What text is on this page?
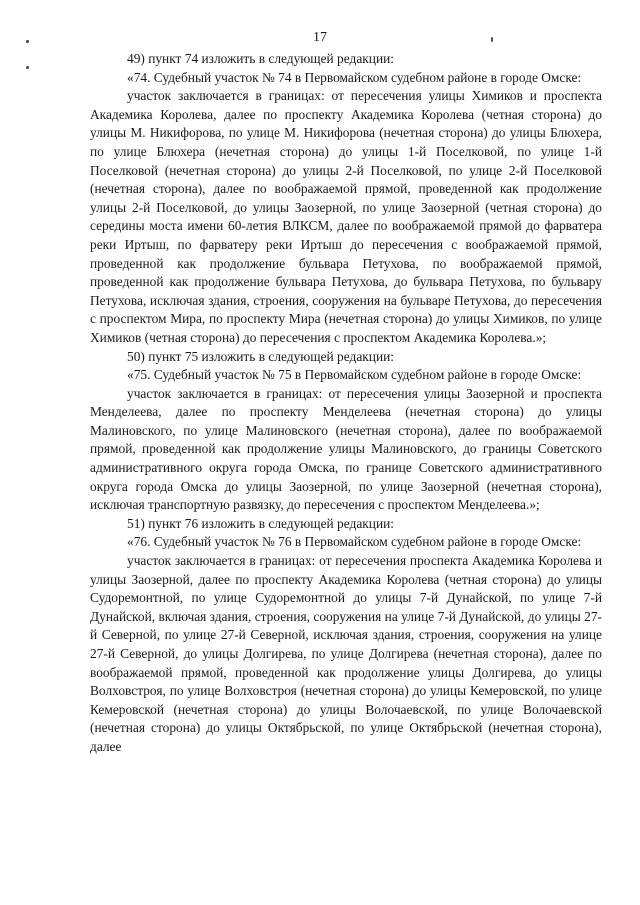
17

49) пункт 74 изложить в следующей редакции:

«74. Судебный участок № 74 в Первомайском судебном районе в городе Омске:

участок заключается в границах: от пересечения улицы Химиков и проспекта Академика Королева, далее по проспекту Академика Королева (четная сторона) до улицы М. Никифорова, по улице М. Никифорова (нечетная сторона) до улицы Блюхера, по улице Блюхера (нечетная сторона) до улицы 1-й Поселковой, по улице 1-й Поселковой (нечетная сторона) до улицы 2-й Поселковой, по улице 2-й Поселковой (нечетная сторона), далее по воображаемой прямой, проведенной как продолжение улицы 2-й Поселковой, до улицы Заозерной, по улице Заозерной (четная сторона) до середины моста имени 60-летия ВЛКСМ, далее по воображаемой прямой до фарватера реки Иртыш, по фарватеру реки Иртыш до пересечения с воображаемой прямой, проведенной как продолжение бульвара Петухова, по воображаемой прямой, проведенной как продолжение бульвара Петухова, до бульвара Петухова, по бульвару Петухова, исключая здания, строения, сооружения на бульваре Петухова, до пересечения с проспектом Мира, по проспекту Мира (нечетная сторона) до улицы Химиков, по улице Химиков (четная сторона) до пересечения с проспектом Академика Королева.»;

50) пункт 75 изложить в следующей редакции:

«75. Судебный участок № 75 в Первомайском судебном районе в городе Омске:

участок заключается в границах: от пересечения улицы Заозерной и проспекта Менделеева, далее по проспекту Менделеева (нечетная сторона) до улицы Малиновского, по улице Малиновского (нечетная сторона), далее по воображаемой прямой, проведенной как продолжение улицы Малиновского, до границы Советского административного округа города Омска, по границе Советского административного округа города Омска до улицы Заозерной, по улице Заозерной (нечетная сторона), исключая транспортную развязку, до пересечения с проспектом Менделеева.»;

51) пункт 76 изложить в следующей редакции:

«76. Судебный участок № 76 в Первомайском судебном районе в городе Омске:

участок заключается в границах: от пересечения проспекта Академика Королева и улицы Заозерной, далее по проспекту Академика Королева (четная сторона) до улицы Судоремонтной, по улице Судоремонтной до улицы 7-й Дунайской, по улице 7-й Дунайской, включая здания, строения, сооружения на улице 7-й Дунайской, до улицы 27-й Северной, по улице 27-й Северной, исключая здания, строения, сооружения на улице 27-й Северной, до улицы Долгирева, по улице Долгирева (нечетная сторона), далее по воображаемой прямой, проведенной как продолжение улицы Долгирева, до улицы Волховстроя, по улице Волховстроя (нечетная сторона) до улицы Кемеровской, по улице Кемеровской (нечетная сторона) до улицы Волочаевской, по улице Волочаевской (нечетная сторона) до улицы Октябрьской, по улице Октябрьской (нечетная сторона), далее
